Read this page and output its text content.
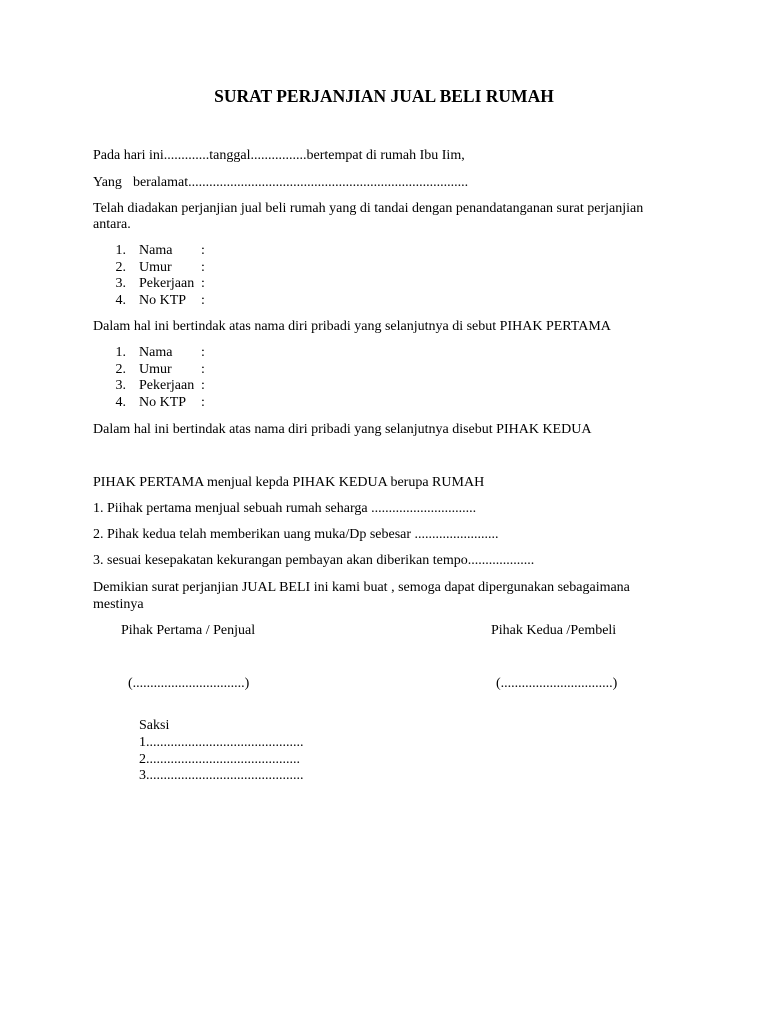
SURAT PERJANJIAN JUAL BELI RUMAH
Pada hari ini.............tanggal................bertempat di rumah Ibu Iim,
Yang beralamat................................................................................
Telah diadakan perjanjian jual beli rumah yang di tandai dengan penandatanganan surat perjanjian antara.
1. Nama :
2. Umur :
3. Pekerjaan :
4. No KTP :
Dalam hal ini bertindak atas nama diri pribadi yang selanjutnya di sebut PIHAK PERTAMA
1. Nama :
2. Umur :
3. Pekerjaan :
4. No KTP :
Dalam hal ini bertindak atas nama diri pribadi yang selanjutnya disebut PIHAK KEDUA
PIHAK PERTAMA menjual kepda PIHAK KEDUA berupa RUMAH
1. Piihak pertama menjual sebuah rumah seharga ..............................
2. Pihak kedua telah memberikan uang muka/Dp sebesar ........................
3. sesuai kesepakatan kekurangan pembayan akan diberikan tempo...................
Demikian surat perjanjian JUAL BELI ini kami buat , semoga dapat dipergunakan sebagaimana mestinya
Pihak Pertama / Penjual	Pihak Kedua /Pembeli
(................................)	(................................)
Saksi
1.............................................
2............................................
3.............................................
